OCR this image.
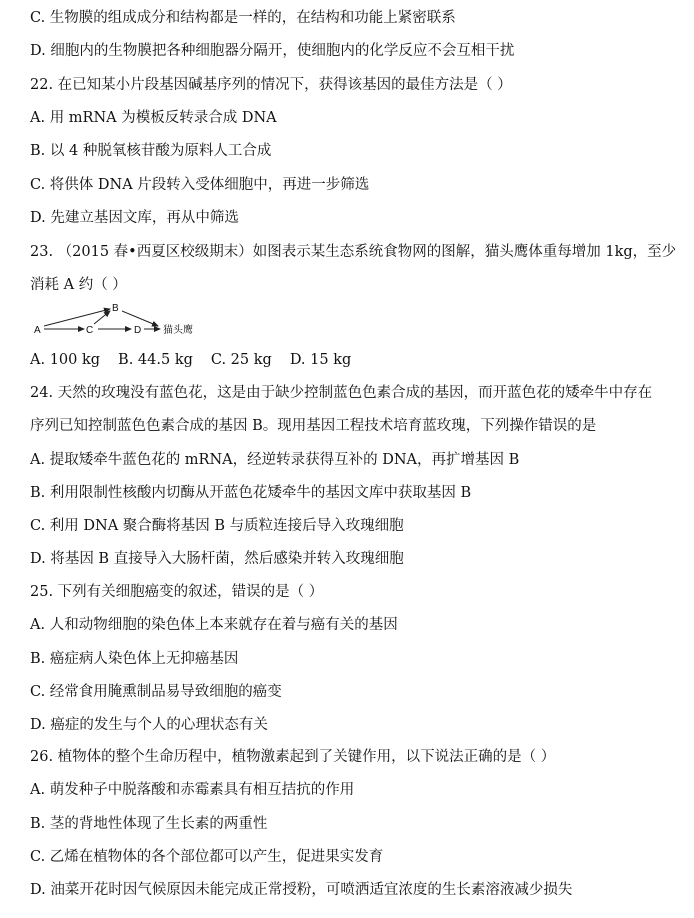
C. 生物膜的组成成分和结构都是一样的，在结构和功能上紧密联系
D. 细胞内的生物膜把各种细胞器分隔开，使细胞内的化学反应不会互相干扰
22. 在已知某小片段基因碱基序列的情况下，获得该基因的最佳方法是（ ）
A. 用 mRNA 为模板反转录合成 DNA
B. 以 4 种脱氧核苷酸为原料人工合成
C. 将供体 DNA 片段转入受体细胞中，再进一步筛选
D. 先建立基因文库，再从中筛选
23. （2015 春•西夏区校级期末）如图表示某生态系统食物网的图解，猫头鹰体重每增加 1kg，至少
消耗 A 约（ ）
A
B
C	D 猫头鹰
A. 100 kg B. 44.5 kg C. 25 kg D. 15 kg
24. 天然的玫瑰没有蓝色花，这是由于缺少控制蓝色色素合成的基因，而开蓝色花的矮牵牛中存在
序列已知控制蓝色色素合成的基因 B。现用基因工程技术培育蓝玫瑰，下列操作错误的是
A. 提取矮牵牛蓝色花的 mRNA，经逆转录获得互补的 DNA，再扩增基因 B
B. 利用限制性核酸内切酶从开蓝色花矮牵牛的基因文库中获取基因 B
C. 利用 DNA 聚合酶将基因 B 与质粒连接后导入玫瑰细胞
D. 将基因 B 直接导入大肠杆菌，然后感染并转入玫瑰细胞
25. 下列有关细胞癌变的叙述，错误的是（ ）
A. 人和动物细胞的染色体上本来就存在着与癌有关的基因
B. 癌症病人染色体上无抑癌基因
C. 经常食用腌熏制品易导致细胞的癌变
D. 癌症的发生与个人的心理状态有关
26. 植物体的整个生命历程中，植物激素起到了关键作用，以下说法正确的是（ ）
A. 萌发种子中脱落酸和赤霉素具有相互拮抗的作用
B. 茎的背地性体现了生长素的两重性
C. 乙烯在植物体的各个部位都可以产生，促进果实发育
D. 油菜开花时因气候原因未能完成正常授粉，可喷洒适宜浓度的生长素溶液减少损失
